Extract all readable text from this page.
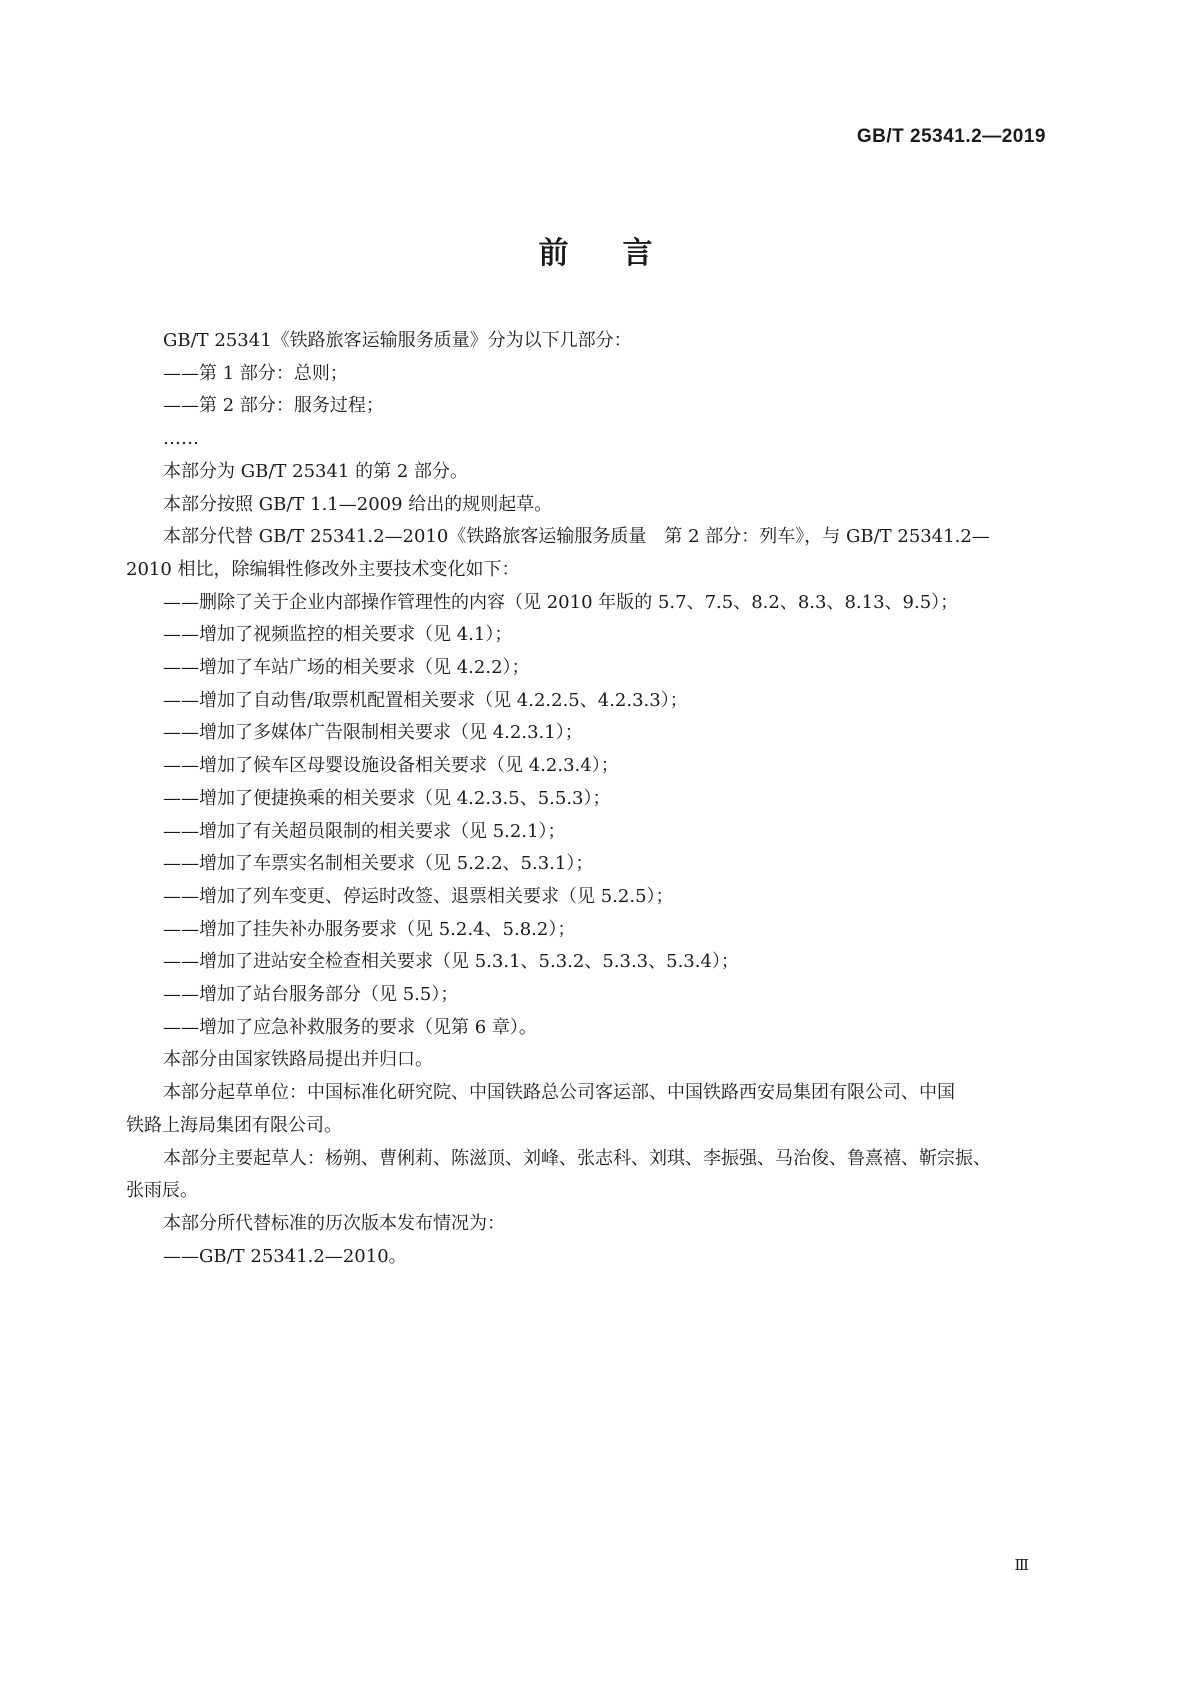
GB/T 25341.2—2019
前言

GB/T 25341《铁路旅客运输服务质量》分为以下几部分：

——第 1 部分：总则；

——第 2 部分：服务过程；

……

本部分为 GB/T 25341 的第 2 部分。

本部分按照 GB/T 1.1—2009 给出的规则起草。

本部分代替 GB/T 25341.2—2010《铁路旅客运输服务质量　第 2 部分：列车》，与 GB/T 25341.2—

2010 相比，除编辑性修改外主要技术变化如下：

——删除了关于企业内部操作管理性的内容（见 2010 年版的 5.7、7.5、8.2、8.3、8.13、9.5）；

——增加了视频监控的相关要求（见 4.1）；

——增加了车站广场的相关要求（见 4.2.2）；

——增加了自动售/取票机配置相关要求（见 4.2.2.5、4.2.3.3）；

——增加了多媒体广告限制相关要求（见 4.2.3.1）；

——增加了候车区母婴设施设备相关要求（见 4.2.3.4）；

——增加了便捷换乘的相关要求（见 4.2.3.5、5.5.3）；

——增加了有关超员限制的相关要求（见 5.2.1）；

——增加了车票实名制相关要求（见 5.2.2、5.3.1）；

——增加了列车变更、停运时改签、退票相关要求（见 5.2.5）；

——增加了挂失补办服务要求（见 5.2.4、5.8.2）；

——增加了进站安全检查相关要求（见 5.3.1、5.3.2、5.3.3、5.3.4）；

——增加了站台服务部分（见 5.5）；

——增加了应急补救服务的要求（见第 6 章）。

本部分由国家铁路局提出并归口。

本部分起草单位：中国标准化研究院、中国铁路总公司客运部、中国铁路西安局集团有限公司、中国

铁路上海局集团有限公司。

本部分主要起草人：杨朔、曹俐莉、陈滋顶、刘峰、张志科、刘琪、李振强、马治俊、鲁熹禧、靳宗振、

张雨辰。

本部分所代替标准的历次版本发布情况为：

——GB/T 25341.2—2010。

Ⅲ
